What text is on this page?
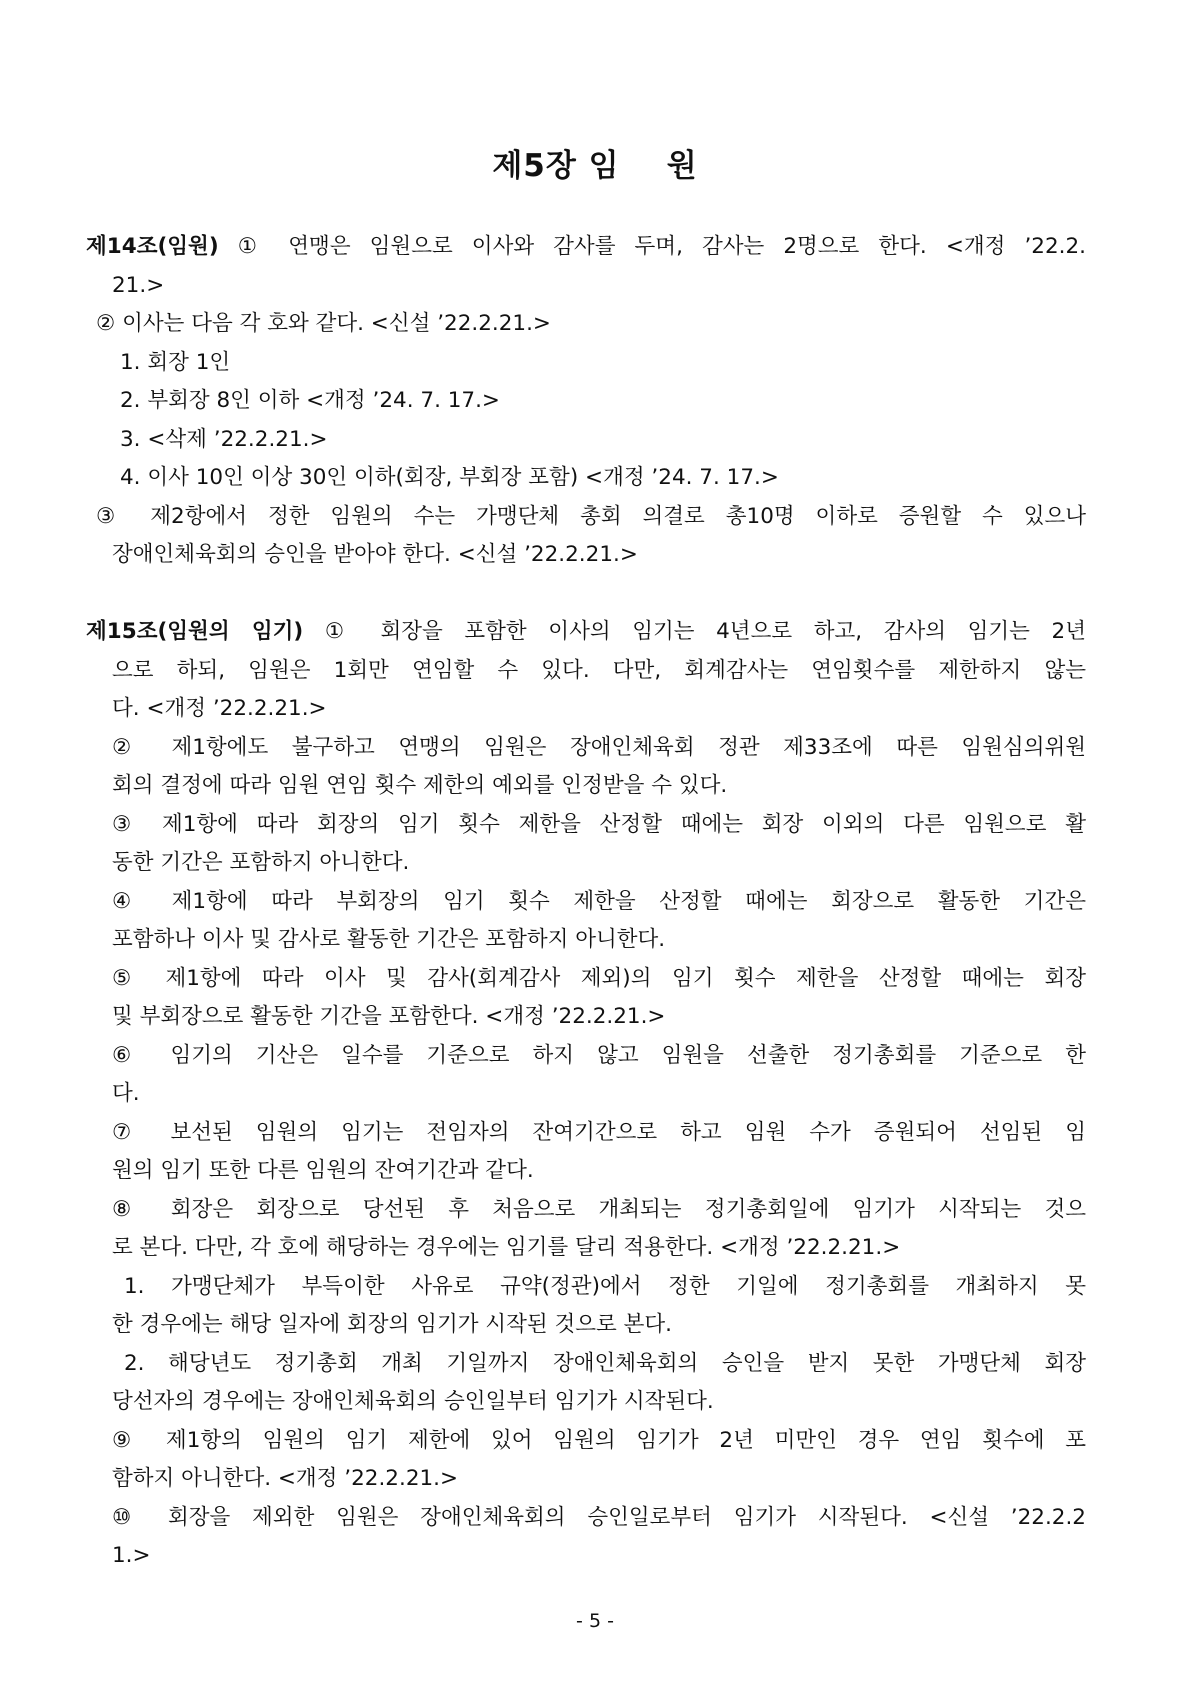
제5장 임    원
제14조(임원) ① 연맹은 임원으로 이사와 감사를 두며, 감사는 2명으로 한다. <개정 ’22.2.
21.>
② 이사는 다음 각 호와 같다. <신설 ’22.2.21.>
1. 회장 1인
2. 부회장 8인 이하 <개정 ’24. 7. 17.>
3. <삭제 ’22.2.21.>
4. 이사 10인 이상 30인 이하(회장, 부회장 포함) <개정 ’24. 7. 17.>
③ 제2항에서 정한 임원의 수는 가맹단체 총회 의결로 총10명 이하로 증원할 수 있으나
장애인체육회의 승인을 받아야 한다. <신설 ’22.2.21.>
제15조(임원의 임기) ① 회장을 포함한 이사의 임기는 4년으로 하고, 감사의 임기는 2년
으로 하되, 임원은 1회만 연임할 수 있다. 다만, 회계감사는 연임횟수를 제한하지 않는
다. <개정 ’22.2.21.>
② 제1항에도 불구하고 연맹의 임원은 장애인체육회 정관 제33조에 따른 임원심의위원
회의 결정에 따라 임원 연임 횟수 제한의 예외를 인정받을 수 있다.
③ 제1항에 따라 회장의 임기 횟수 제한을 산정할 때에는 회장 이외의 다른 임원으로 활
동한 기간은 포함하지 아니한다.
④ 제1항에 따라 부회장의 임기 횟수 제한을 산정할 때에는 회장으로 활동한 기간은
포함하나 이사 및 감사로 활동한 기간은 포함하지 아니한다.
⑤ 제1항에 따라 이사 및 감사(회계감사 제외)의 임기 횟수 제한을 산정할 때에는 회장
및 부회장으로 활동한 기간을 포함한다. <개정 ’22.2.21.>
⑥ 임기의 기산은 일수를 기준으로 하지 않고 임원을 선출한 정기총회를 기준으로 한
다.
⑦ 보선된 임원의 임기는 전임자의 잔여기간으로 하고 임원 수가 증원되어 선임된 임
원의 임기 또한 다른 임원의 잔여기간과 같다.
⑧ 회장은 회장으로 당선된 후 처음으로 개최되는 정기총회일에 임기가 시작되는 것으
로 본다. 다만, 각 호에 해당하는 경우에는 임기를 달리 적용한다. <개정 ’22.2.21.>
1. 가맹단체가 부득이한 사유로 규약(정관)에서 정한 기일에 정기총회를 개최하지 못
한 경우에는 해당 일자에 회장의 임기가 시작된 것으로 본다.
2. 해당년도 정기총회 개최 기일까지 장애인체육회의 승인을 받지 못한 가맹단체 회장
당선자의 경우에는 장애인체육회의 승인일부터 임기가 시작된다.
⑨ 제1항의 임원의 임기 제한에 있어 임원의 임기가 2년 미만인 경우 연임 횟수에 포
함하지 아니한다. <개정 ’22.2.21.>
⑩ 회장을 제외한 임원은 장애인체육회의 승인일로부터 임기가 시작된다. <신설 ’22.2.2
1.>
- 5 -
